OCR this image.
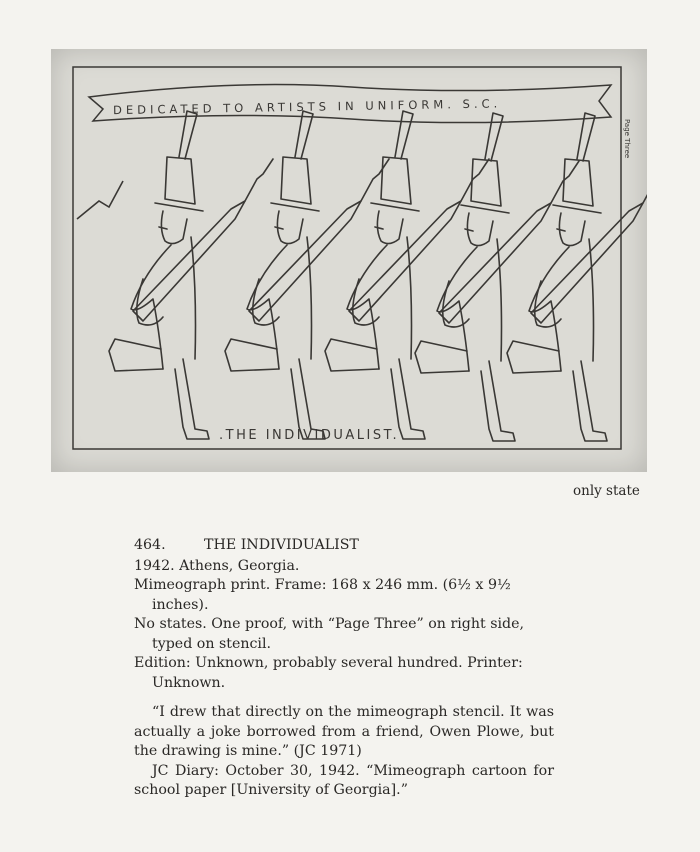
DEDICATED TO ARTISTS IN UNIFORM. S.C.
Page Three
.THE INDIVIDUALIST.
only state
464.	THE INDIVIDUALIST
1942. Athens, Georgia.
Mimeograph print. Frame: 168 x 246 mm. (6½ x 9½ inches).
No states. One proof, with “Page Three” on right side, typed on stencil.
Edition: Unknown, probably several hundred. Printer: Unknown.

“I drew that directly on the mimeograph stencil. It was actually a joke borrowed from a friend, Owen Plowe, but the drawing is mine.” (JC 1971)

JC Diary: October 30, 1942. “Mimeograph cartoon for school paper [University of Georgia].”
